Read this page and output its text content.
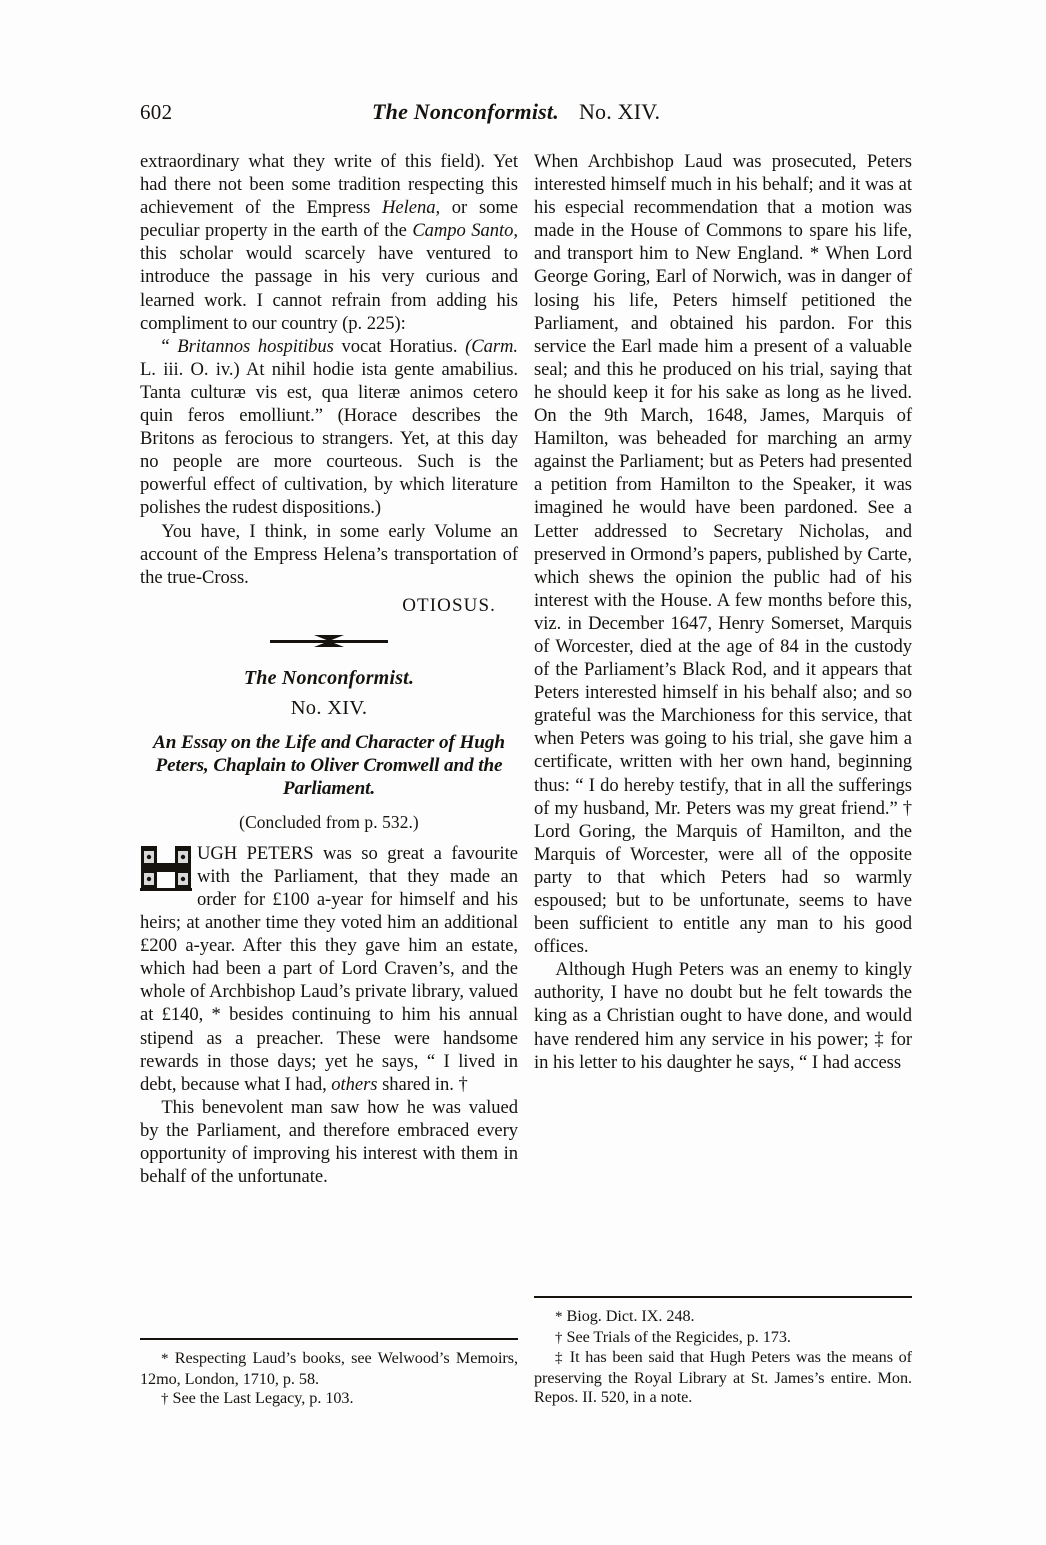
602	The Nonconformist. No. XIV.

extraordinary what they write of this field). Yet had there not been some tradition respecting this achievement of the Empress Helena, or some peculiar property in the earth of the Campo Santo, this scholar would scarcely have ventured to introduce the passage in his very curious and learned work. I cannot refrain from adding his compliment to our country (p. 225):

“ Britannos hospitibus vocat Horatius. (Carm. L. iii. O. iv.) At nihil hodie ista gente amabilius. Tanta culturæ vis est, qua literæ animos cetero quin feros emolliunt.” (Horace describes the Britons as ferocious to strangers. Yet, at this day no people are more courteous. Such is the powerful effect of cultivation, by which literature polishes the rudest dispositions.)

You have, I think, in some early Volume an account of the Empress Helena’s transportation of the true-Cross.

OTIOSUS.

The Nonconformist.
No. XIV.
An Essay on the Life and Character of Hugh Peters, Chaplain to Oliver Cromwell and the Parliament.
(Concluded from p. 532.)

UGH PETERS was so great a favourite with the Parliament, that they made an order for £100 a-year for himself and his heirs; at another time they voted him an additional £200 a-year. After this they gave him an estate, which had been a part of Lord Craven’s, and the whole of Archbishop Laud’s private library, valued at £140, * besides continuing to him his annual stipend as a preacher. These were handsome rewards in those days; yet he says, “ I lived in debt, because what I had, others shared in. †

This benevolent man saw how he was valued by the Parliament, and therefore embraced every opportunity of improving his interest with them in behalf of the unfortunate.

When Archbishop Laud was prosecuted, Peters interested himself much in his behalf; and it was at his especial recommendation that a motion was made in the House of Commons to spare his life, and transport him to New England. * When Lord George Goring, Earl of Norwich, was in danger of losing his life, Peters himself petitioned the Parliament, and obtained his pardon. For this service the Earl made him a present of a valuable seal; and this he produced on his trial, saying that he should keep it for his sake as long as he lived. On the 9th March, 1648, James, Marquis of Hamilton, was beheaded for marching an army against the Parliament; but as Peters had presented a petition from Hamilton to the Speaker, it was imagined he would have been pardoned. See a Letter addressed to Secretary Nicholas, and preserved in Ormond’s papers, published by Carte, which shews the opinion the public had of his interest with the House. A few months before this, viz. in December 1647, Henry Somerset, Marquis of Worcester, died at the age of 84 in the custody of the Parliament’s Black Rod, and it appears that Peters interested himself in his behalf also; and so grateful was the Marchioness for this service, that when Peters was going to his trial, she gave him a certificate, written with her own hand, beginning thus: “ I do hereby testify, that in all the sufferings of my husband, Mr. Peters was my great friend.” † Lord Goring, the Marquis of Hamilton, and the Marquis of Worcester, were all of the opposite party to that which Peters had so warmly espoused; but to be unfortunate, seems to have been sufficient to entitle any man to his good offices.

Although Hugh Peters was an enemy to kingly authority, I have no doubt but he felt towards the king as a Christian ought to have done, and would have rendered him any service in his power; ‡ for in his letter to his daughter he says, “ I had access

* Respecting Laud’s books, see Welwood’s Memoirs, 12mo, London, 1710, p. 58.

† See the Last Legacy, p. 103.

* Biog. Dict. IX. 248.

† See Trials of the Regicides, p. 173.

‡ It has been said that Hugh Peters was the means of preserving the Royal Library at St. James’s entire. Mon. Repos. II. 520, in a note.
